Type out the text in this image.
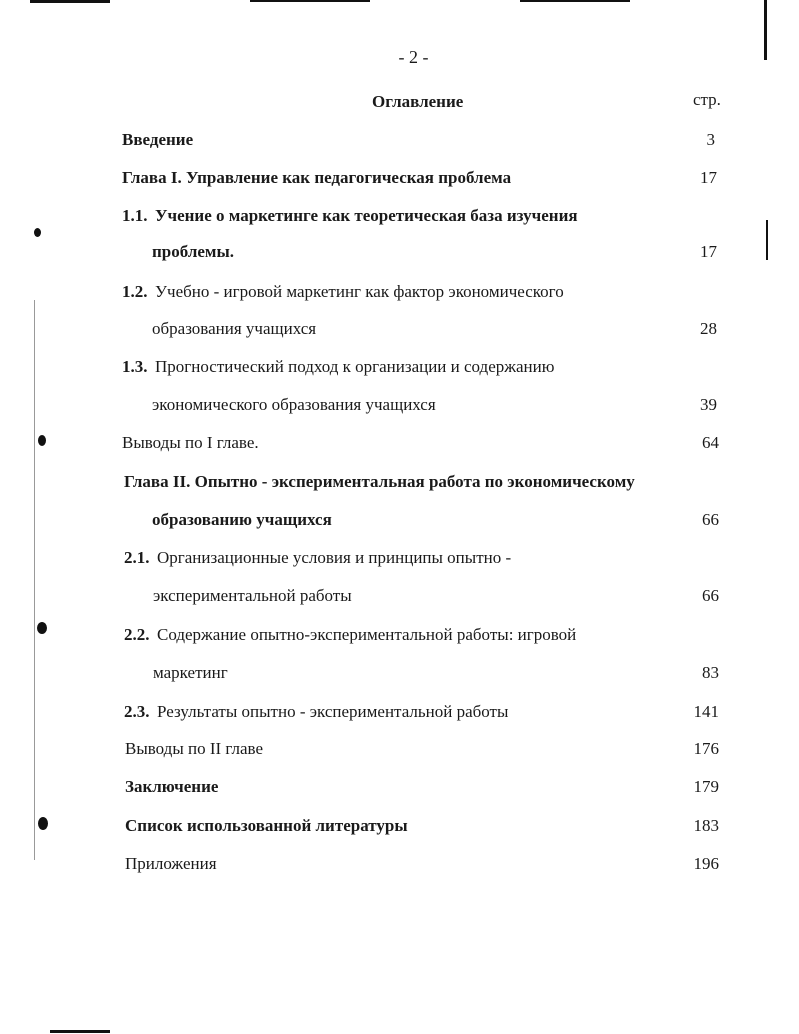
- 2 -
Оглавление	стр.
Введение	3
Глава I. Управление как педагогическая проблема	17
1.1. Учение о маркетинге как теоретическая база изучения
проблемы.	17
1.2. Учебно - игровой маркетинг как фактор экономического
образования учащихся	28
1.3. Прогностический подход к организации и содержанию
экономического образования учащихся	39
Выводы по I главе.	64
Глава II. Опытно - экспериментальная работа по экономическому
образованию учащихся	66
2.1. Организационные условия и принципы опытно -
экспериментальной работы	66
2.2. Содержание опытно-экспериментальной работы: игровой
маркетинг	83
2.3. Результаты опытно - экспериментальной работы	141
Выводы по II главе	176
Заключение	179
Список использованной литературы	183
Приложения	196
